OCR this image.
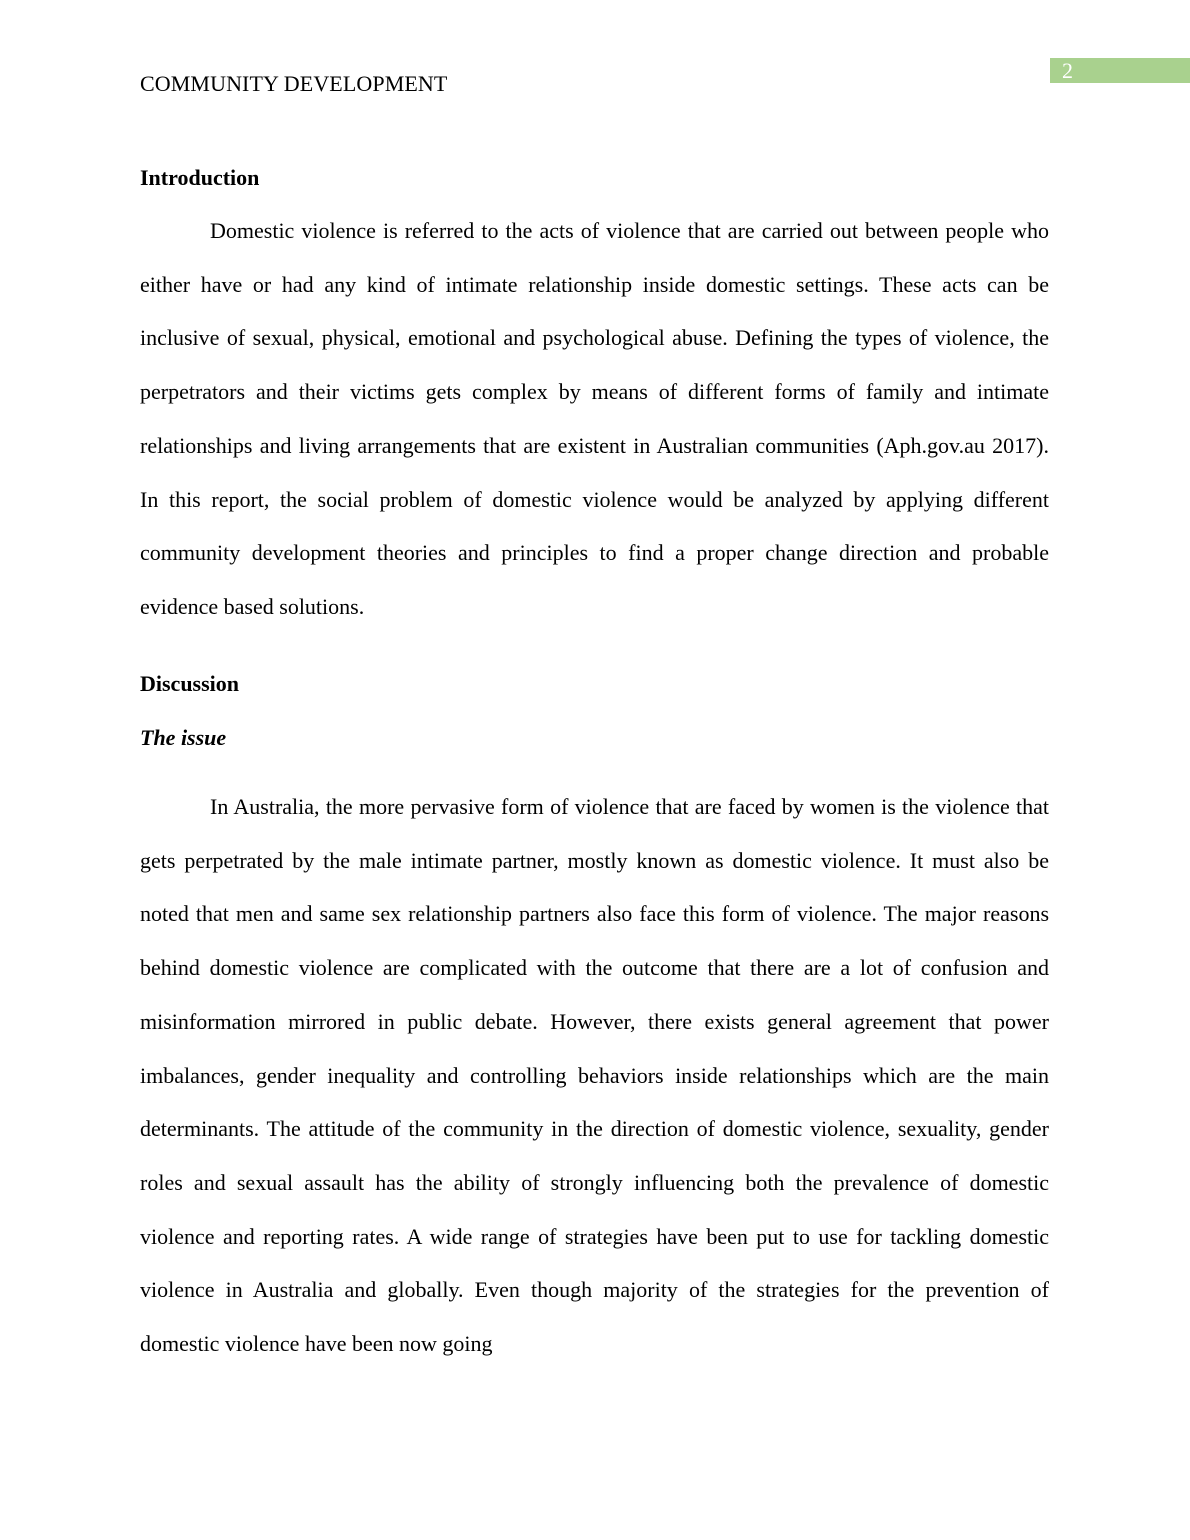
2
COMMUNITY DEVELOPMENT
Introduction

Domestic violence is referred to the acts of violence that are carried out between people who either have or had any kind of intimate relationship inside domestic settings. These acts can be inclusive of sexual, physical, emotional and psychological abuse. Defining the types of violence, the perpetrators and their victims gets complex by means of different forms of family and intimate relationships and living arrangements that are existent in Australian communities (Aph.gov.au 2017). In this report, the social problem of domestic violence would be analyzed by applying different community development theories and principles to find a proper change direction and probable evidence based solutions.

Discussion
The issue

In Australia, the more pervasive form of violence that are faced by women is the violence that gets perpetrated by the male intimate partner, mostly known as domestic violence. It must also be noted that men and same sex relationship partners also face this form of violence. The major reasons behind domestic violence are complicated with the outcome that there are a lot of confusion and misinformation mirrored in public debate. However, there exists general agreement that power imbalances, gender inequality and controlling behaviors inside relationships which are the main determinants. The attitude of the community in the direction of domestic violence, sexuality, gender roles and sexual assault has the ability of strongly influencing both the prevalence of domestic violence and reporting rates. A wide range of strategies have been put to use for tackling domestic violence in Australia and globally. Even though majority of the strategies for the prevention of domestic violence have been now going
